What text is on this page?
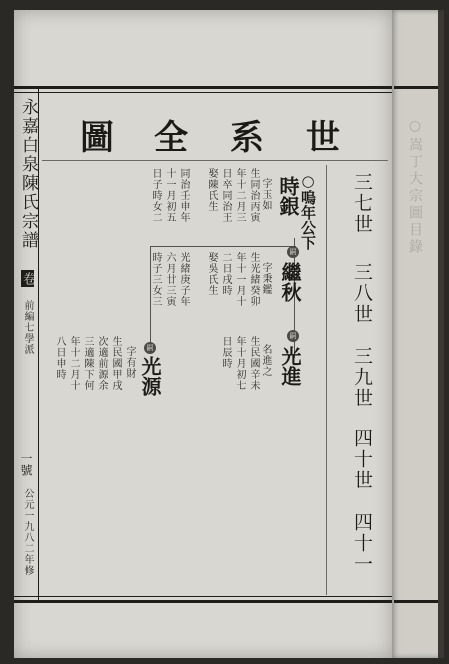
○嵩丁大宗圖目錄
永嘉白泉陳氏宗譜
卷
前編七學派
一號
公元一九八二年修
世
系
全
圖
三七世
三八世
三九世
四十世
四十一
○嗚年公下
時銀
字玉如
生同治丙寅
年十二月三
日卒同治王
娶陳氏生
同治壬申年
十一月初五
日子時女二
嗣
繼秋
字秉鑑
生光緒癸卯
年十一月十
二日戌時
娶吳氏生
光緒庚子年
六月廿三寅
時子三女三
嗣
光進
名進之
生民國辛未
年十月初七
日辰時
嗣
光源
字有財
生民國甲戌
次適前源余
三適陳下何
年十二月十
八日申時
